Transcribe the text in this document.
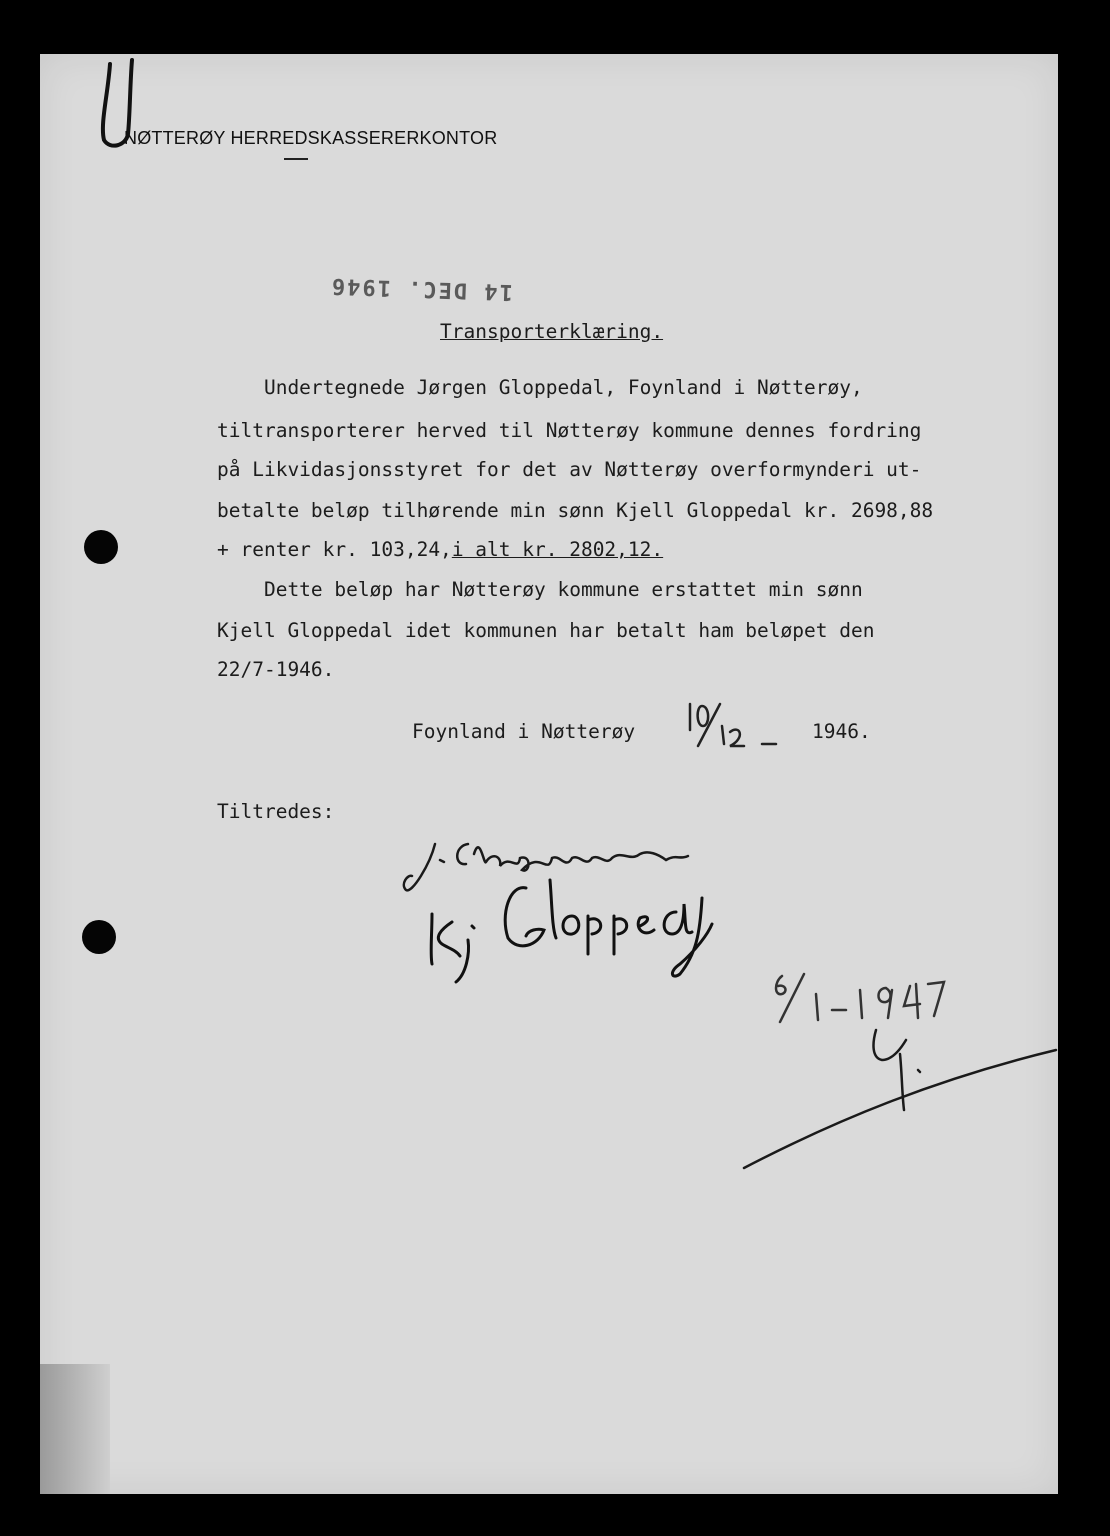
NØTTERØY HERREDSKASSERERKONTOR
14 DEC. 1946
Transporterklæring.
Undertegnede Jørgen Gloppedal, Foynland i Nøtterøy,
tiltransporterer herved til Nøtterøy kommune dennes fordring
på Likvidasjonsstyret for det av Nøtterøy overformynderi ut-
betalte beløp tilhørende min sønn Kjell Gloppedal kr. 2698,88
+ renter kr. 103,24,i alt kr. 2802,12.
Dette beløp har Nøtterøy kommune erstattet min sønn
Kjell Gloppedal idet kommunen har betalt ham beløpet den
22/7-1946.
Foynland i Nøtterøy	1946.
Tiltredes:
